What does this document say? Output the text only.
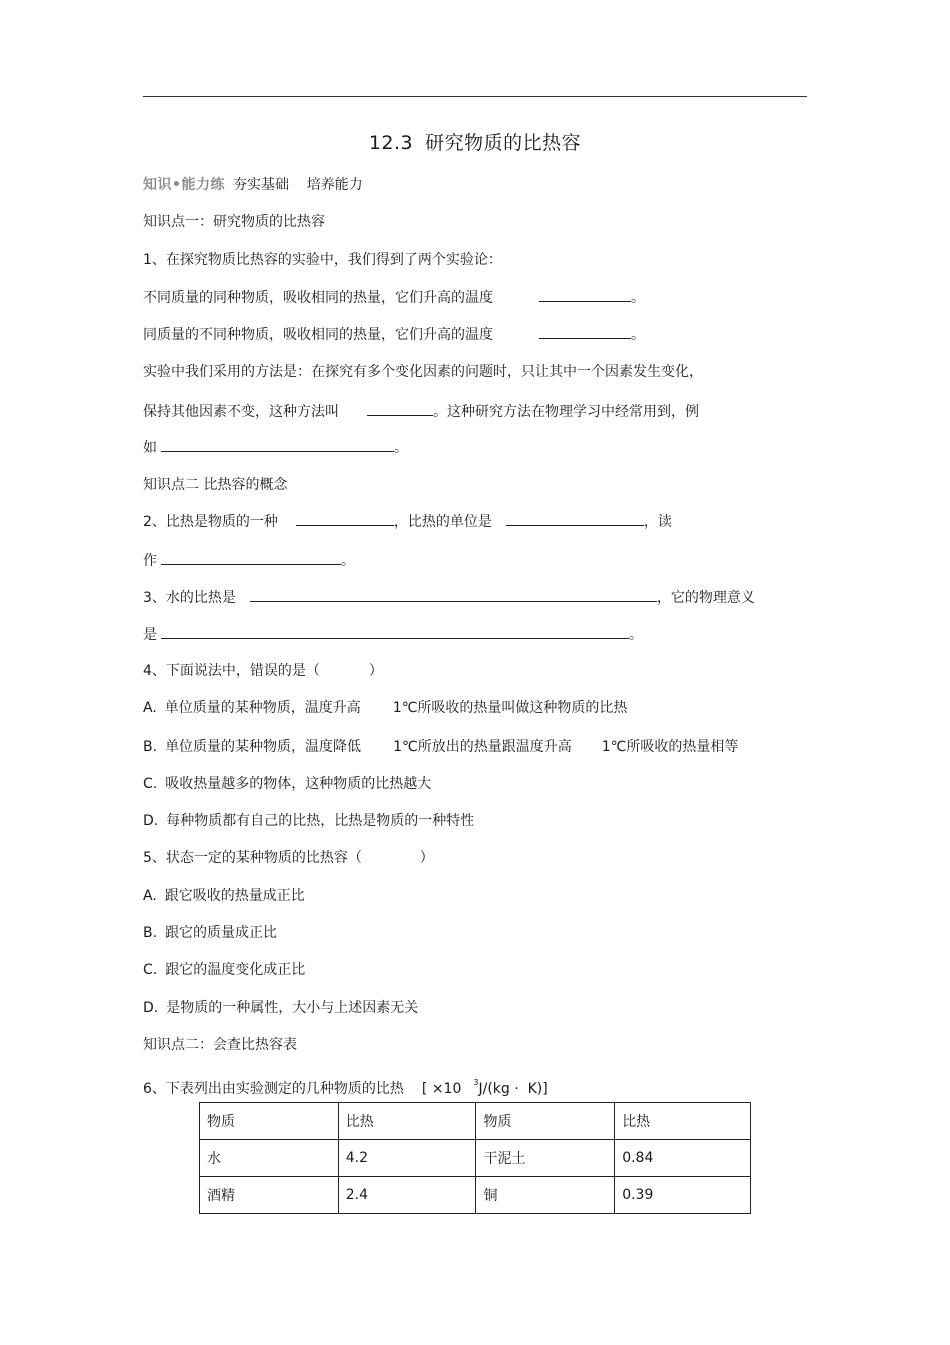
12.3 研究物质的比热容
知识•能力练 夯实基础    培养能力
知识点一：研究物质的比热容
1、在探究物质比热容的实验中，我们得到了两个实验论：
不同质量的同种物质，吸收相同的热量，它们升高的温度	。
同质量的不同种物质，吸收相同的热量，它们升高的温度	。
实验中我们采用的方法是：在探究有多个变化因素的问题时，只让其中一个因素发生变化，
保持其他因素不变，这种方法叫	。这种研究方法在物理学习中经常用到，例
如	。
知识点二 比热容的概念
2、比热是物质的一种	，比热的单位是	，读
作	。
3、水的比热是	，它的物理意义
是	。
4、下面说法中，错误的是（           ）
A. 单位质量的某种物质，温度升高 1℃所吸收的热量叫做这种物质的比热
B. 单位质量的某种物质，温度降低 1℃所放出的热量跟温度升高 1℃所吸收的热量相等
C. 吸收热量越多的物体，这种物质的比热越大
D. 每种物质都有自己的比热，比热是物质的一种特性
5、状态一定的某种物质的比热容（             ）
A. 跟它吸收的热量成正比
B. 跟它的质量成正比
C. 跟它的温度变化成正比
D. 是物质的一种属性，大小与上述因素无关
知识点二：会查比热容表
6、下表列出由实验测定的几种物质的比热 [ ×10 $^3$J/(kg ·  K)]
物质	比热	物质	比热
水	4.2	干泥土	0.84
酒精	2.4	铜	0.39
